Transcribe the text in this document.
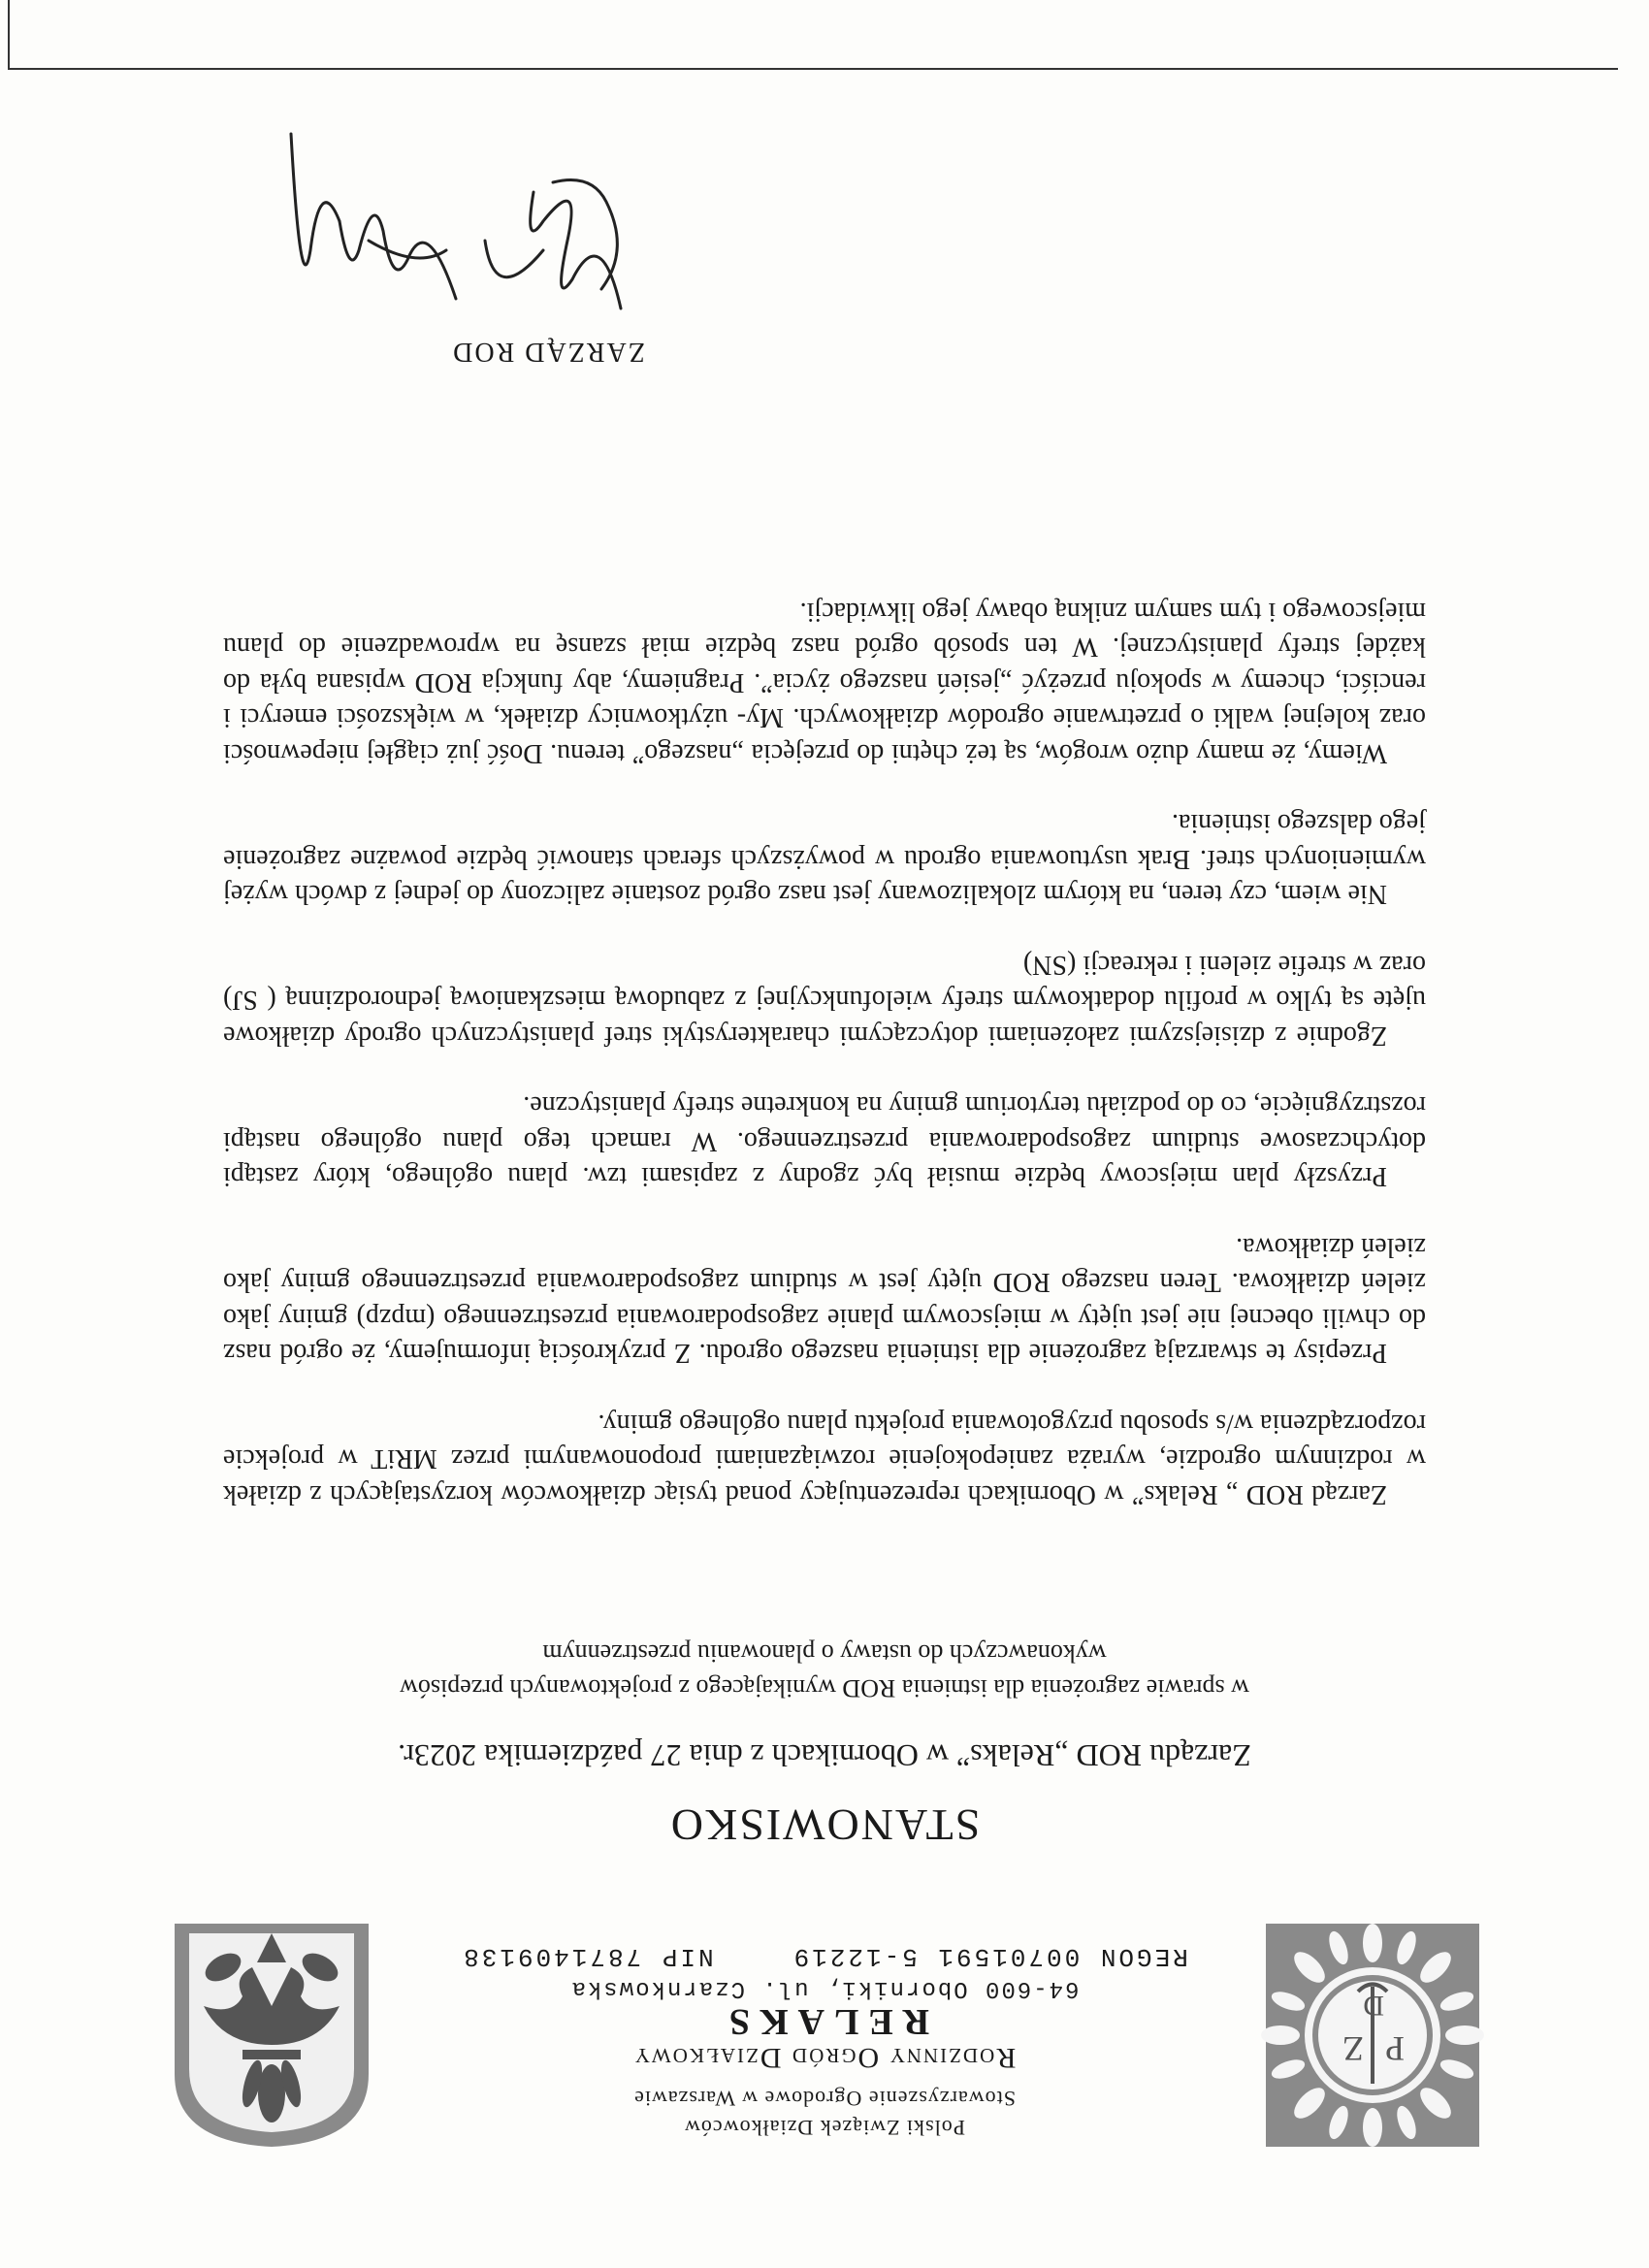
P
Z
D
Polski Związek Działkowców
Stowarzyszenie Ogrodowe w Warszawie
Rodzinny Ogród Działkowy
RELAKS
64-600 Oborniki, ul. Czarnkowska
REGON 00701591 5-12219NIP 7871409138
STANOWISKO
Zarządu ROD „Relaks” w Obornikach z dnia 27 października 2023r.
w sprawie zagrożenia dla istnienia ROD wynikającego z projektowanych przepisów
wykonawczych do ustawy o planowaniu przestrzennym

Zarząd ROD „ Relaks” w Obornikach reprezentujący ponad tysiąc działkowców korzystających z działek w rodzinnym ogrodzie, wyraża zaniepokojenie rozwiązaniami proponowanymi przez MRiT w projekcie rozporządzenia w/s sposobu przygotowania projektu planu ogólnego gminy.

Przepisy te stwarzają zagrożenie dla istnienia naszego ogrodu. Z przykrością informujemy, że ogród nasz do chwili obecnej nie jest ujęty w miejscowym planie zagospodarowania przestrzennego (mpzp) gminy jako zieleń działkowa. Teren naszego ROD ujęty jest w studium zagospodarowania przestrzennego gminy jako zieleń działkowa.

Przyszły plan miejscowy będzie musiał być zgodny z zapisami tzw. planu ogólnego, który zastąpi dotychczasowe studium zagospodarowania przestrzennego. W ramach tego planu ogólnego nastąpi rozstrzygnięcie, co do podziału terytorium gminy na konkretne strefy planistyczne.

Zgodnie z dzisiejszymi założeniami dotyczącymi charakterystyki stref planistycznych ogrody działkowe ujęte są tylko w profilu dodatkowym strefy wielofunkcyjnej z zabudową mieszkaniową jednorodzinną ( SJ) oraz w strefie zieleni i rekreacji (SN)

Nie wiem, czy teren, na którym zlokalizowany jest nasz ogród zostanie zaliczony do jednej z dwóch wyżej wymienionych stref. Brak usytuowania ogrodu w powyższych sferach stanowić będzie poważne zagrożenie jego dalszego istnienia.

Wiemy, że mamy dużo wrogów, są też chętni do przejęcia „naszego” terenu. Dość już ciągłej niepewności oraz kolejnej walki o przetrwanie ogrodów działkowych. My- użytkownicy działek, w większości emeryci i renciści, chcemy w spokoju przeżyć „jesień naszego życia”. Pragniemy, aby funkcja ROD wpisana była do każdej strefy planistycznej. W ten sposób ogród nasz będzie miał szansę na wprowadzenie do planu miejscowego i tym samym znikną obawy jego likwidacji.

ZARZĄD ROD
